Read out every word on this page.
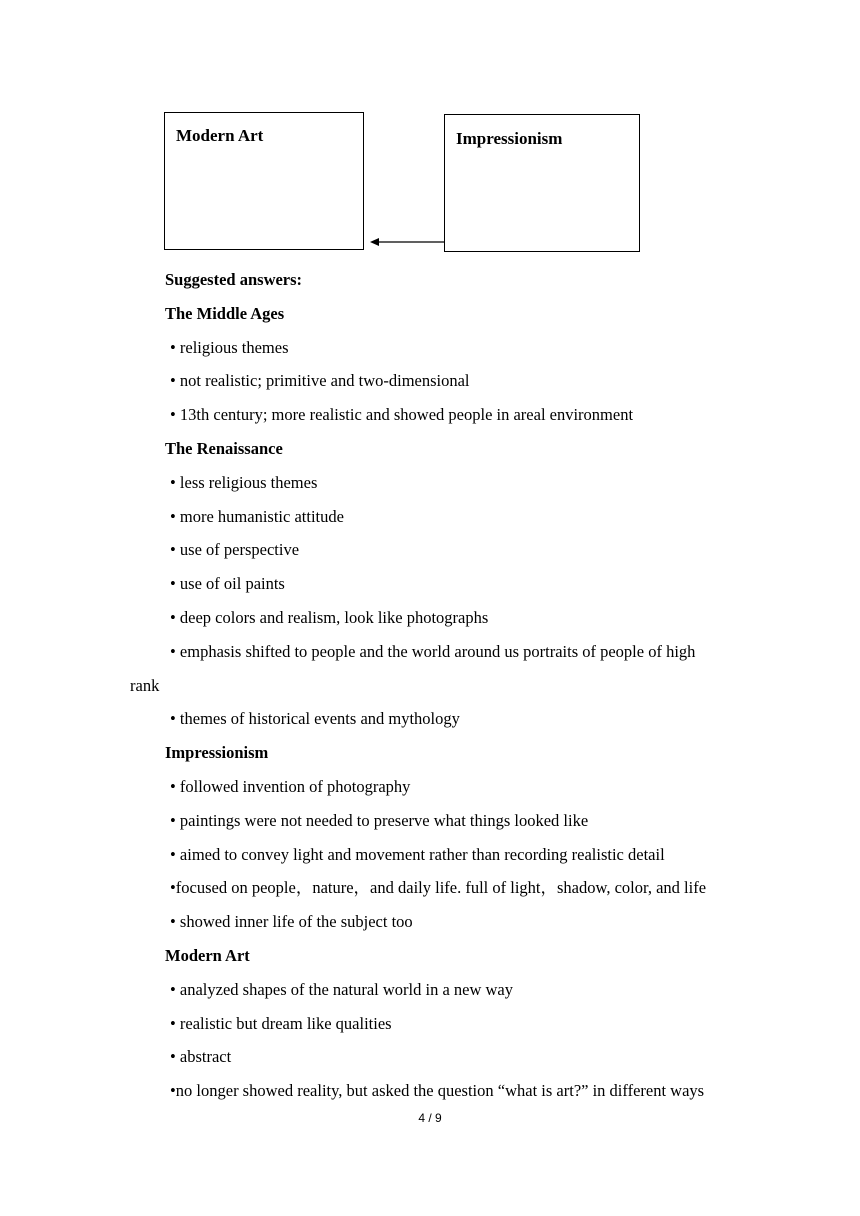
Modern Art	Impressionism
Suggested answers:
The Middle Ages
• religious themes
• not realistic; primitive and two-dimensional
• 13th century; more realistic and showed people in areal environment
The Renaissance
• less religious themes
• more humanistic attitude
• use of perspective
• use of oil paints
• deep colors and realism, look like photographs
• emphasis shifted to people and the world around us portraits of people of high
rank
• themes of historical events and mythology
Impressionism
• followed invention of photography
• paintings were not needed to preserve what things looked like
• aimed to convey light and movement rather than recording realistic detail
•focused on people，nature，and daily life. full of light，shadow, color, and life
• showed inner life of the subject too
Modern Art
• analyzed shapes of the natural world in a new way
• realistic but dream like qualities
• abstract
•no longer showed reality, but asked the question “what is art?” in different ways
4 / 9
